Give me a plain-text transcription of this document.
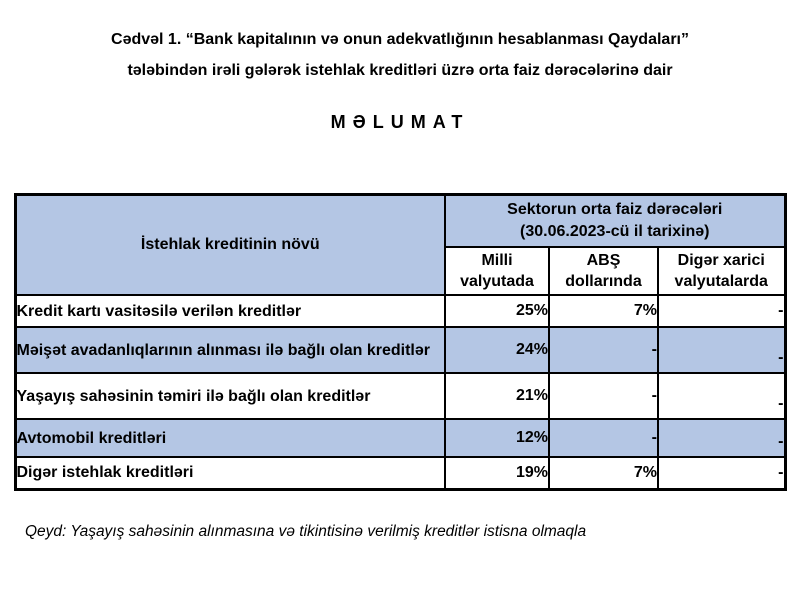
Cədvəl 1. “Bank kapitalının və onun adekvatlığının hesablanması Qaydaları”
tələbindən irəli gələrək istehlak kreditləri üzrə orta faiz dərəcələrinə dair
MƏLUMAT
İstehlak kreditinin növü	Sektorun orta faiz dərəcələri
(30.06.2023-cü il tarixinə)		

	Milli valyutada	ABŞ dollarında	Digər xarici valyutalarda
Kredit kartı vasitəsilə verilən kreditlər	25%	7%	-
Məişət avadanlıqlarının alınması ilə bağlı olan kreditlər	24%	-	-
Yaşayış sahəsinin təmiri ilə bağlı olan kreditlər	21%	-	-
Avtomobil kreditləri	12%	-	-
Digər istehlak kreditləri	19%	7%	-
Qeyd: Yaşayış sahəsinin alınmasına və tikintisinə verilmiş kreditlər istisna olmaqla
